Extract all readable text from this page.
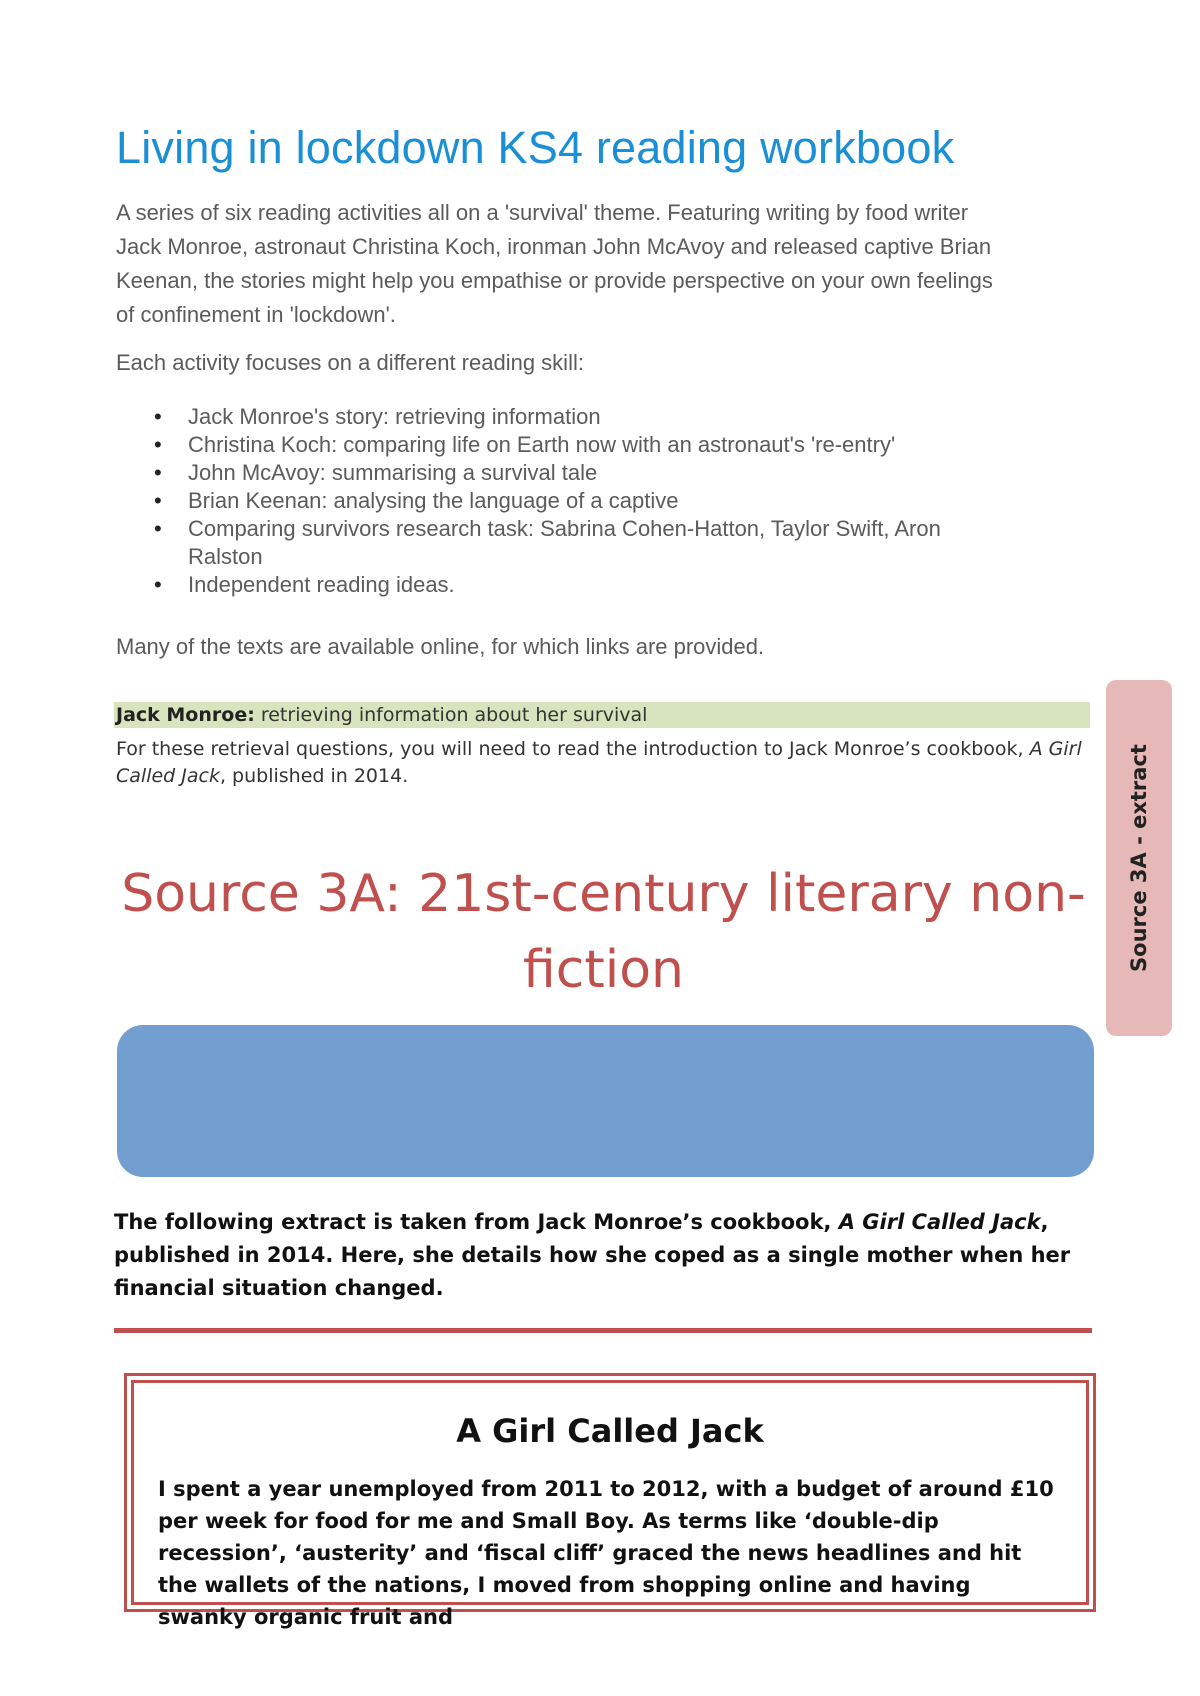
Living in lockdown KS4 reading workbook

A series of six reading activities all on a 'survival' theme. Featuring writing by food writer Jack Monroe, astronaut Christina Koch, ironman John McAvoy and released captive Brian Keenan, the stories might help you empathise or provide perspective on your own feelings of confinement in 'lockdown'.

Each activity focuses on a different reading skill:

• Jack Monroe's story: retrieving information
• Christina Koch: comparing life on Earth now with an astronaut's 're-entry'
• John McAvoy: summarising a survival tale
• Brian Keenan: analysing the language of a captive
• Comparing survivors research task: Sabrina Cohen-Hatton, Taylor Swift, Aron Ralston
• Independent reading ideas.

Many of the texts are available online, for which links are provided.

Jack Monroe: retrieving information about her survival

For these retrieval questions, you will need to read the introduction to Jack Monroe’s cookbook, A Girl Called Jack, published in 2014.

Source 3A: 21st-century literary non-fiction

The following extract is taken from Jack Monroe’s cookbook, A Girl Called Jack, published in 2014. Here, she details how she coped as a single mother when her financial situation changed.

A Girl Called Jack

I spent a year unemployed from 2011 to 2012, with a budget of around £10 per week for food for me and Small Boy. As terms like ‘double-dip recession’, ‘austerity’ and ‘fiscal cliff’ graced the news headlines and hit the wallets of the nations, I moved from shopping online and having swanky organic fruit and

Source 3A - extract
